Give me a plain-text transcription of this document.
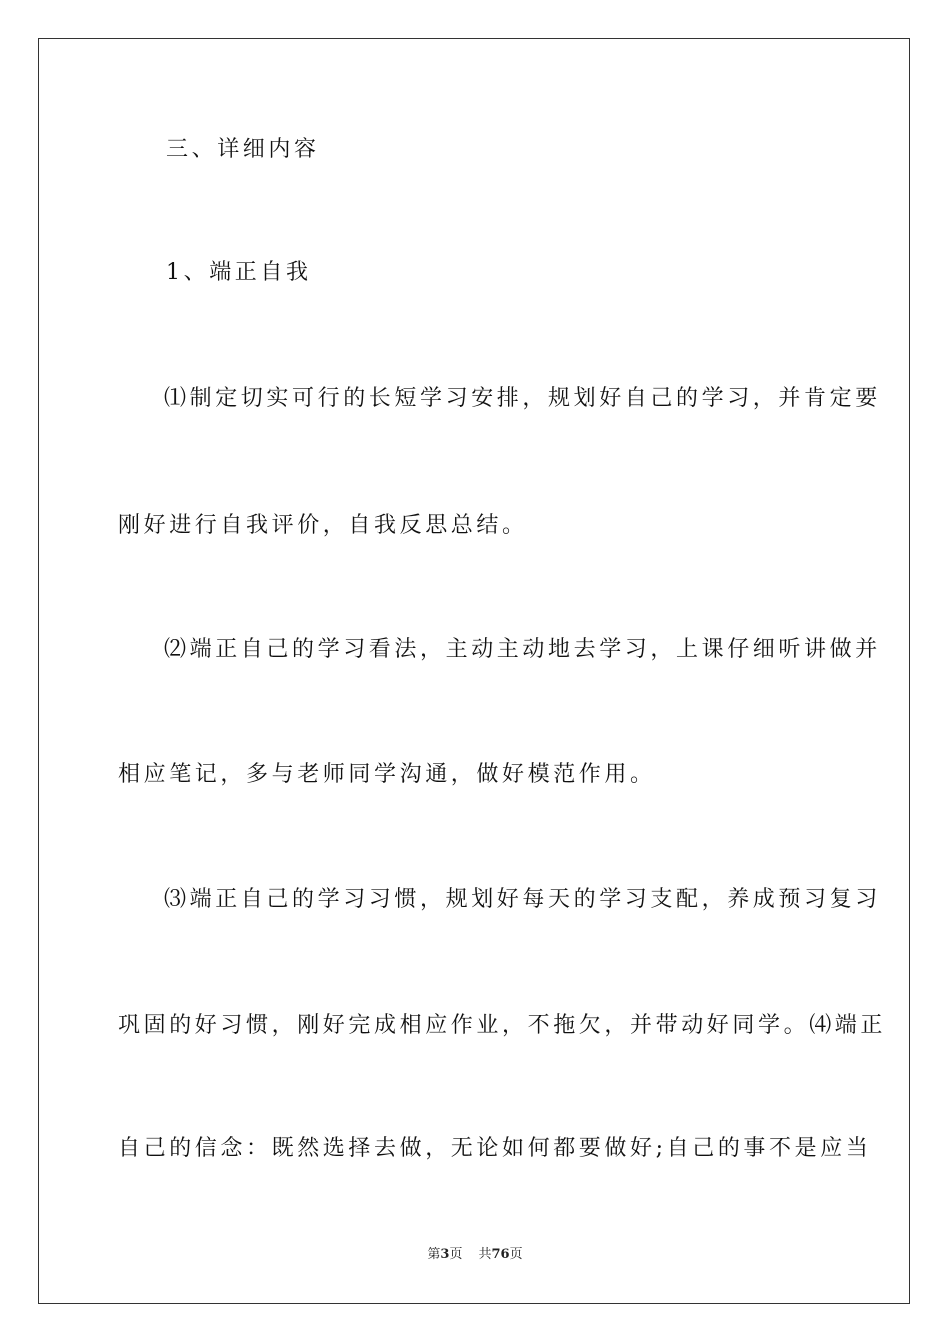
三、详细内容
1、端正自我
⑴制定切实可行的长短学习安排，规划好自己的学习，并肯定要
刚好进行自我评价，自我反思总结。
⑵端正自己的学习看法，主动主动地去学习，上课仔细听讲做并
相应笔记，多与老师同学沟通，做好模范作用。
⑶端正自己的学习习惯，规划好每天的学习支配，养成预习复习
巩固的好习惯，刚好完成相应作业，不拖欠，并带动好同学。⑷端正
自己的信念：既然选择去做，无论如何都要做好;自己的事不是应当
第3页 共76页
